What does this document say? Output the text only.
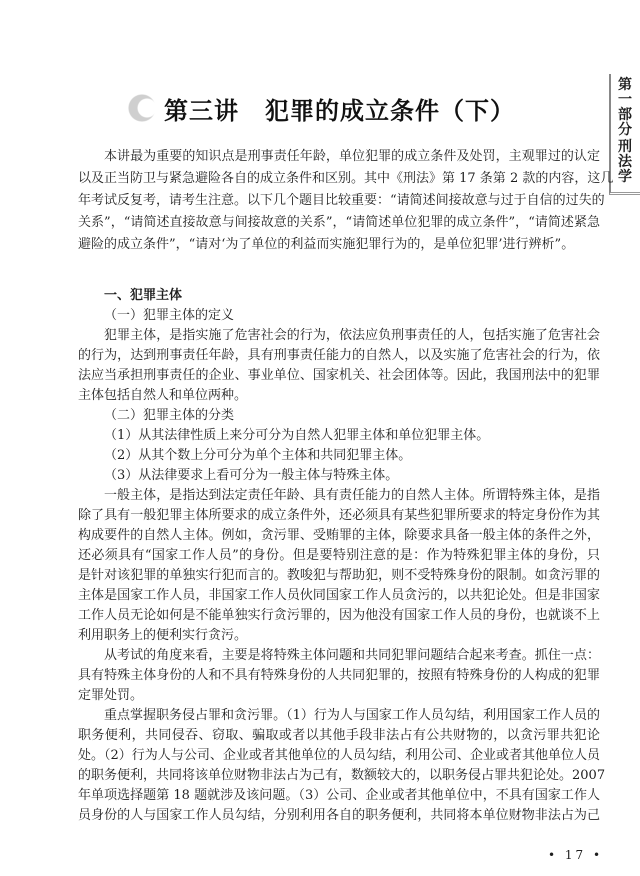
第一部分
刑法学
第三讲 犯罪的成立条件（下）
本讲最为重要的知识点是刑事责任年龄，单位犯罪的成立条件及处罚，主观罪过的认定
以及正当防卫与紧急避险各自的成立条件和区别。其中《刑法》第 17 条第 2 款的内容，这几
年考试反复考，请考生注意。以下几个题目比较重要：“请简述间接故意与过于自信的过失的
关系”，“请简述直接故意与间接故意的关系”，“请简述单位犯罪的成立条件”，“请简述紧急
避险的成立条件”，“请对‘为了单位的利益而实施犯罪行为的，是单位犯罪’进行辨析”。
一、犯罪主体
（一）犯罪主体的定义
犯罪主体，是指实施了危害社会的行为，依法应负刑事责任的人，包括实施了危害社会
的行为，达到刑事责任年龄，具有刑事责任能力的自然人，以及实施了危害社会的行为，依
法应当承担刑事责任的企业、事业单位、国家机关、社会团体等。因此，我国刑法中的犯罪
主体包括自然人和单位两种。
（二）犯罪主体的分类
（1）从其法律性质上来分可分为自然人犯罪主体和单位犯罪主体。
（2）从其个数上分可分为单个主体和共同犯罪主体。
（3）从法律要求上看可分为一般主体与特殊主体。
一般主体，是指达到法定责任年龄、具有责任能力的自然人主体。所谓特殊主体，是指
除了具有一般犯罪主体所要求的成立条件外，还必须具有某些犯罪所要求的特定身份作为其
构成要件的自然人主体。例如，贪污罪、受贿罪的主体，除要求具备一般主体的条件之外，
还必须具有“国家工作人员”的身份。但是要特别注意的是：作为特殊犯罪主体的身份，只
是针对该犯罪的单独实行犯而言的。教唆犯与帮助犯，则不受特殊身份的限制。如贪污罪的
主体是国家工作人员，非国家工作人员伙同国家工作人员贪污的，以共犯论处。但是非国家
工作人员无论如何是不能单独实行贪污罪的，因为他没有国家工作人员的身份，也就谈不上
利用职务上的便利实行贪污。
从考试的角度来看，主要是将特殊主体问题和共同犯罪问题结合起来考查。抓住一点：
具有特殊主体身份的人和不具有特殊身份的人共同犯罪的，按照有特殊身份的人构成的犯罪
定罪处罚。
重点掌握职务侵占罪和贪污罪。（1）行为人与国家工作人员勾结，利用国家工作人员的
职务便利，共同侵吞、窃取、骗取或者以其他手段非法占有公共财物的，以贪污罪共犯论
处。（2）行为人与公司、企业或者其他单位的人员勾结，利用公司、企业或者其他单位人员
的职务便利，共同将该单位财物非法占为己有，数额较大的，以职务侵占罪共犯论处。2007
年单项选择题第 18 题就涉及该问题。（3）公司、企业或者其他单位中，不具有国家工作人
员身份的人与国家工作人员勾结，分别利用各自的职务便利，共同将本单位财物非法占为己
• 17 •
